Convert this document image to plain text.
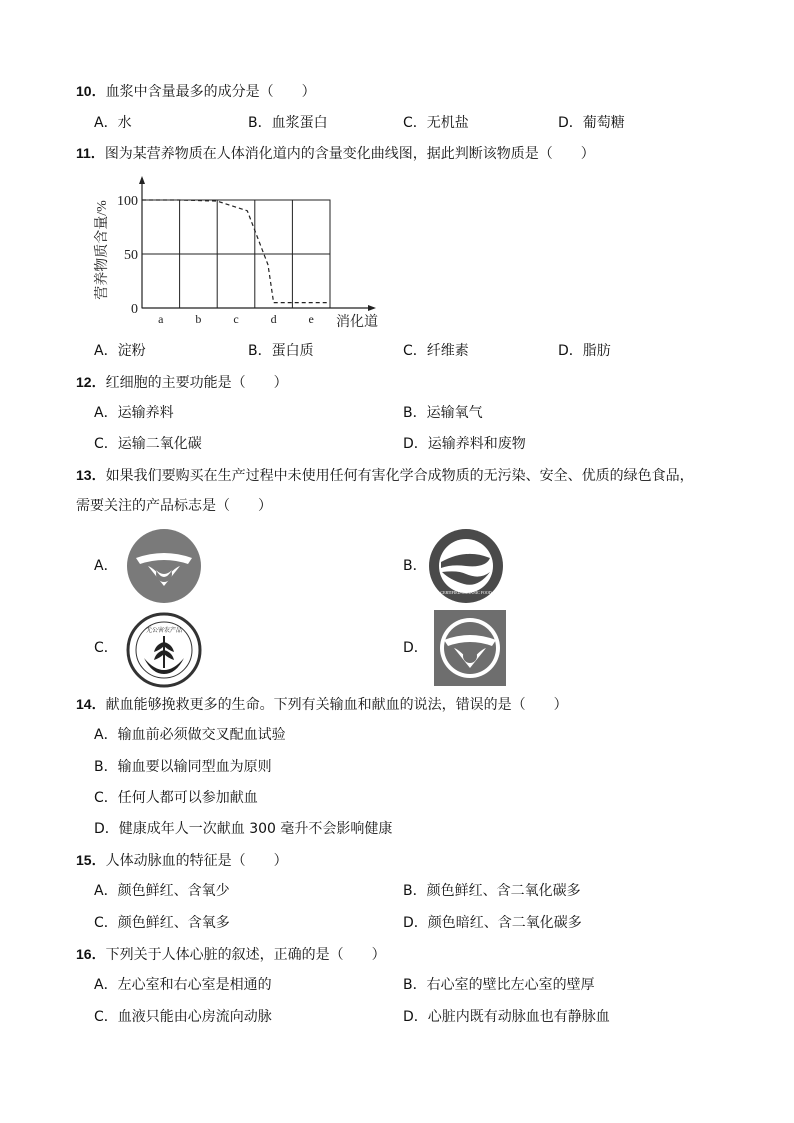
10．血浆中含量最多的成分是（　　）
A．水	B．血浆蛋白	C．无机盐	D．葡萄糖
11．图为某营养物质在人体消化道内的含量变化曲线图，据此判断该物质是（　　）
100
50
0
a	b	c	d	e 消化道
营养物质含量/%
A．淀粉	B．蛋白质	C．纤维素	D．脂肪
12．红细胞的主要功能是（　　）
A．运输养料	B．运输氧气
C．运输二氧化碳	D．运输养料和废物
13．如果我们要购买在生产过程中未使用任何有害化学合成物质的无污染、安全、优质的绿色食品，
需要关注的产品标志是（　　）
A．	B．
C．	D．
有机食品
CERTIFIED ORGANIC FOOD
无公害农产品
14．献血能够挽救更多的生命。下列有关输血和献血的说法，错误的是（　　）
A．输血前必须做交叉配血试验
B．输血要以输同型血为原则
C．任何人都可以参加献血
D．健康成年人一次献血 300 毫升不会影响健康
15．人体动脉血的特征是（　　）
A．颜色鲜红、含氧少	B．颜色鲜红、含二氧化碳多
C．颜色鲜红、含氧多	D．颜色暗红、含二氧化碳多
16．下列关于人体心脏的叙述，正确的是（　　）
A．左心室和右心室是相通的	B．右心室的壁比左心室的壁厚
C．血液只能由心房流向动脉	D．心脏内既有动脉血也有静脉血
